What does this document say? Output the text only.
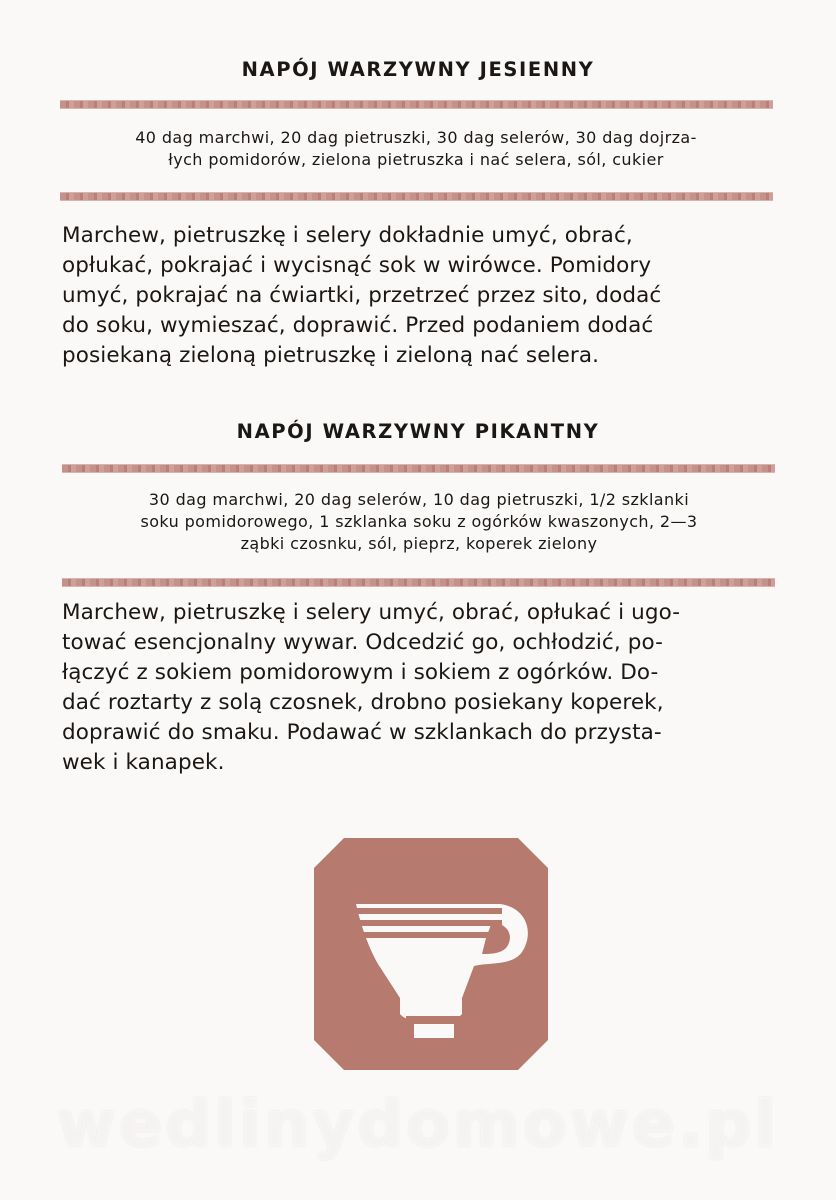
NAPÓJ WARZYWNY JESIENNY
40 dag marchwi, 20 dag pietruszki, 30 dag selerów, 30 dag dojrza-
łych pomidorów, zielona pietruszka i nać selera, sól, cukier
Marchew, pietruszkę i selery dokładnie umyć, obrać,
opłukać, pokrajać i wycisnąć sok w wirówce. Pomidory
umyć, pokrajać na ćwiartki, przetrzeć przez sito, dodać
do soku, wymieszać, doprawić. Przed podaniem dodać
posiekaną zieloną pietruszkę i zieloną nać selera.
NAPÓJ WARZYWNY PIKANTNY
30 dag marchwi, 20 dag selerów, 10 dag pietruszki, 1/2 szklanki
soku pomidorowego, 1 szklanka soku z ogórków kwaszonych, 2—3
ząbki czosnku, sól, pieprz, koperek zielony
Marchew, pietruszkę i selery umyć, obrać, opłukać i ugo-
tować esencjonalny wywar. Odcedzić go, ochłodzić, po-
łączyć z sokiem pomidorowym i sokiem z ogórków. Do-
dać roztarty z solą czosnek, drobno posiekany koperek,
doprawić do smaku. Podawać w szklankach do przysta-
wek i kanapek.
wedlinydomowe.pl
